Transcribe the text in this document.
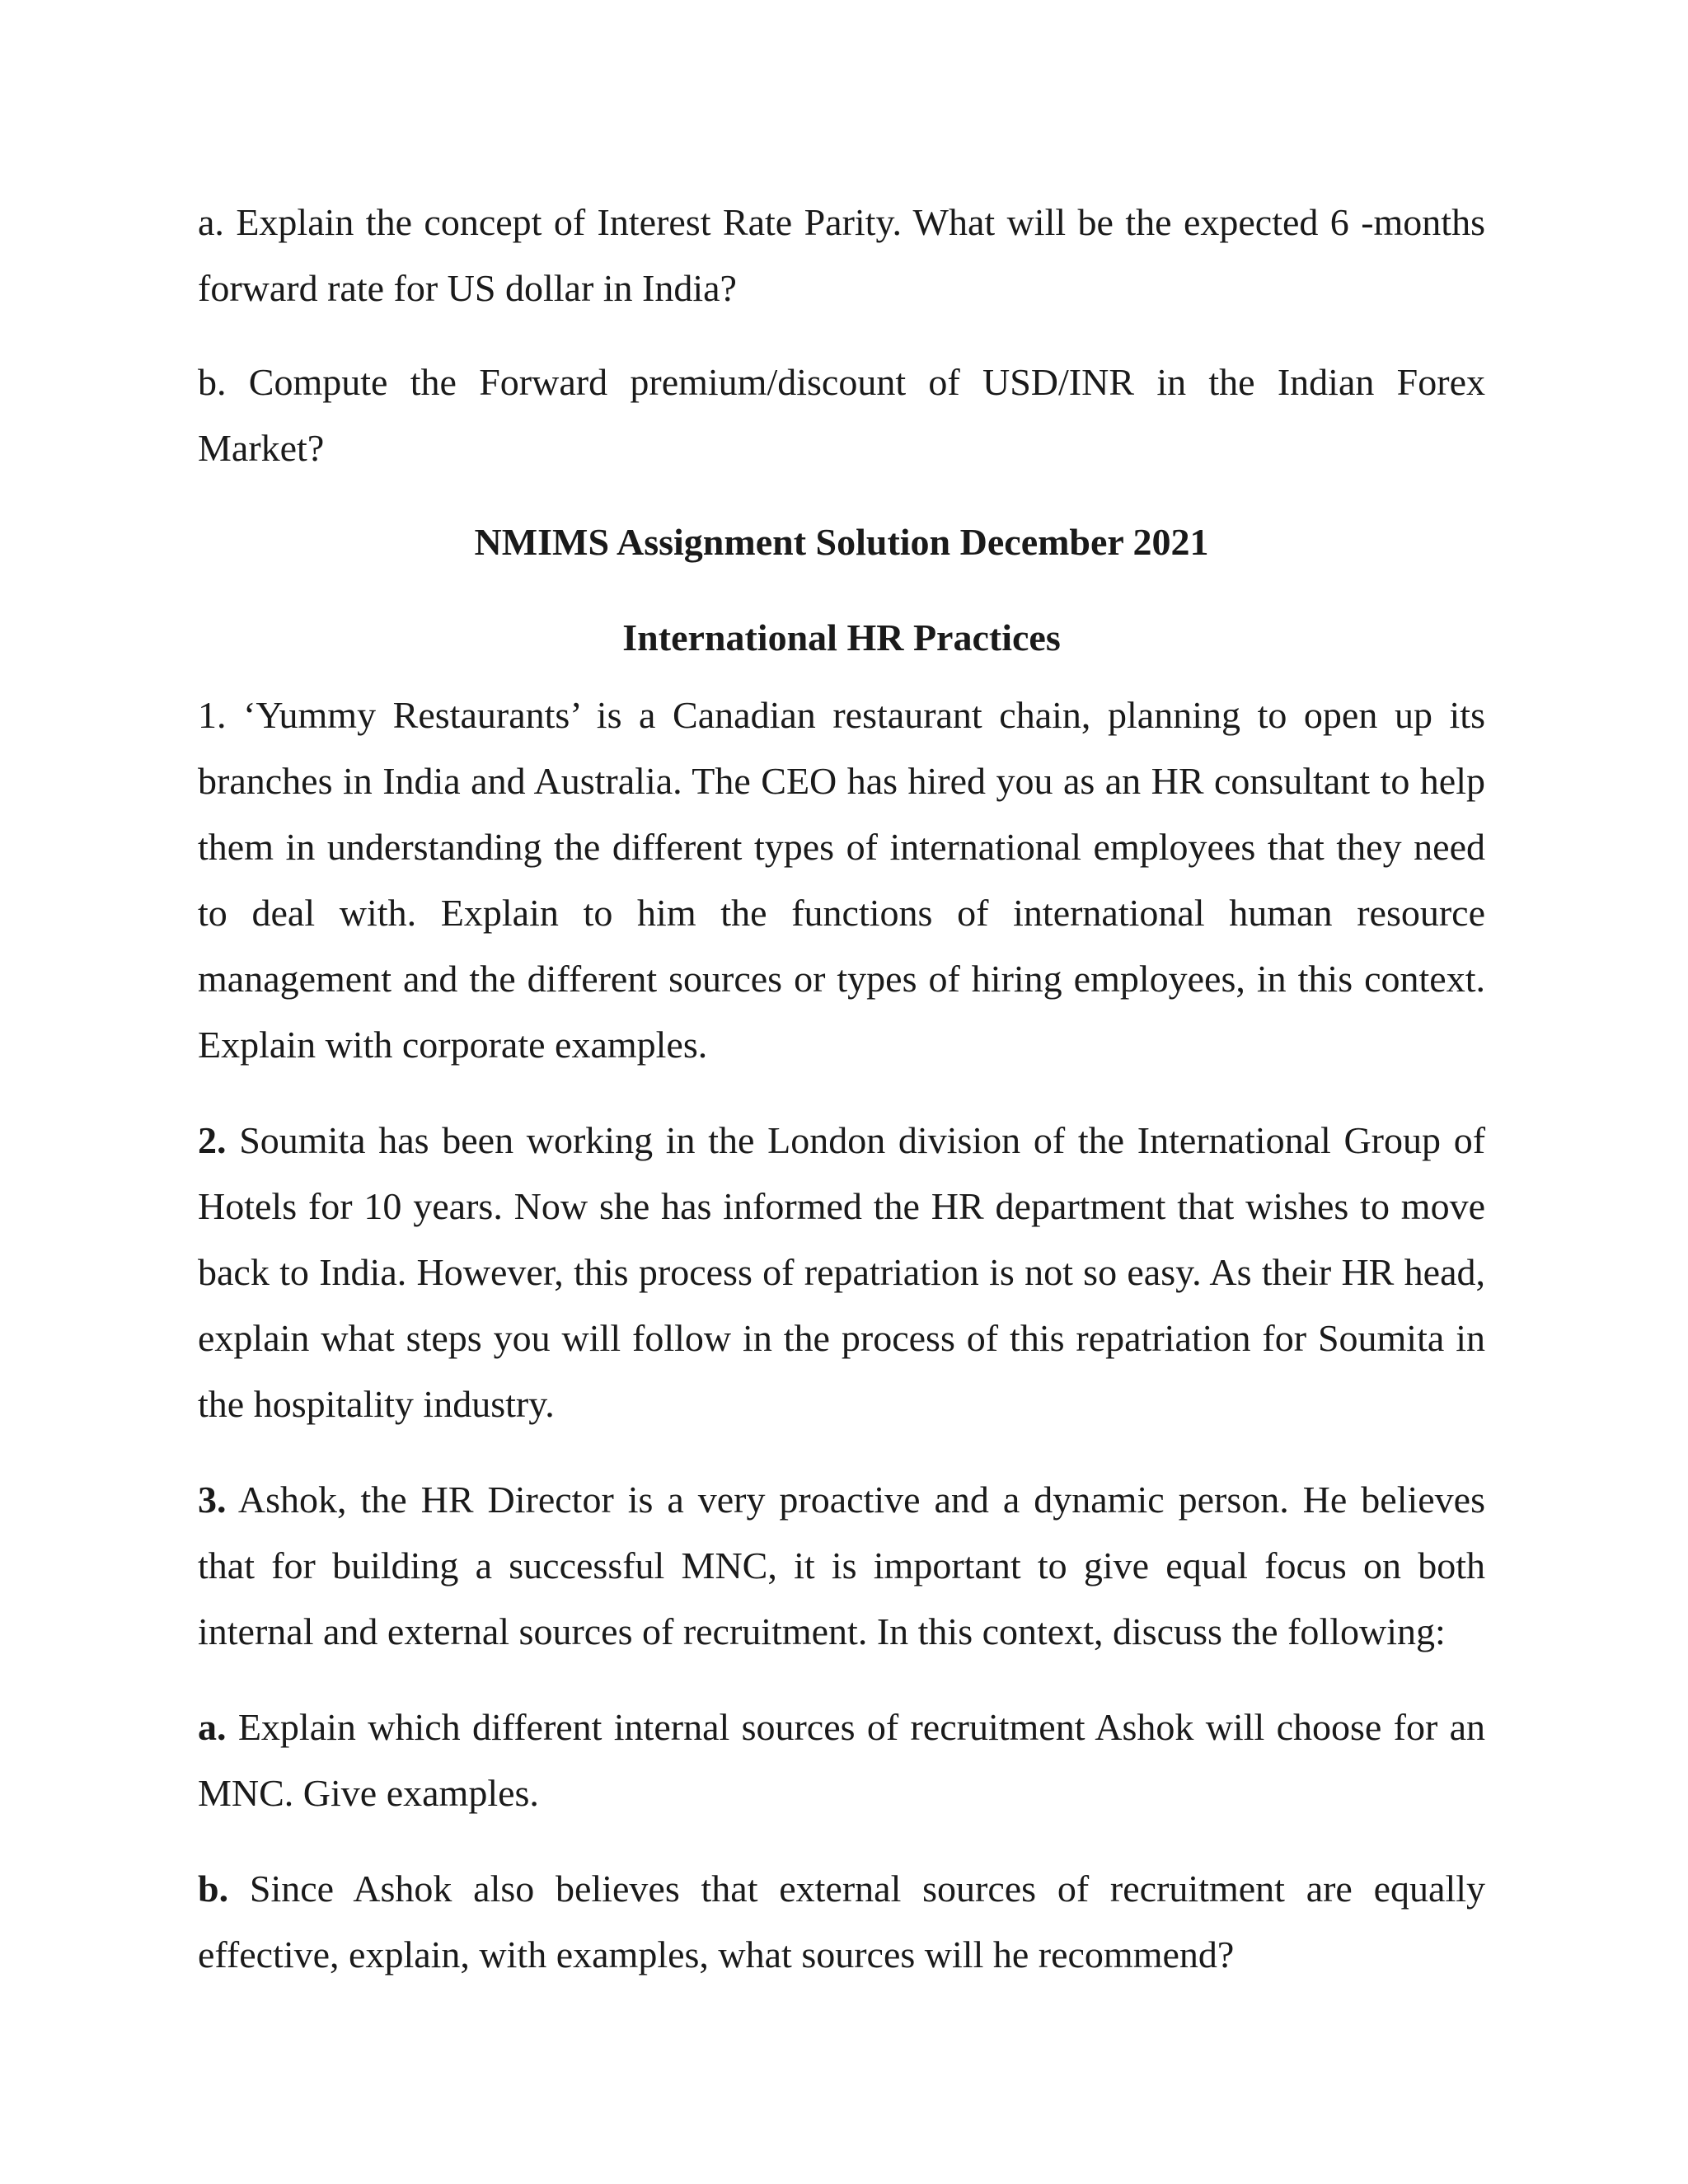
a. Explain the concept of Interest Rate Parity. What will be the expected 6 -months forward rate for US dollar in India?

b. Compute the Forward premium/discount of USD/INR in the Indian Forex Market?

NMIMS Assignment Solution December 2021
International HR Practices

1. ‘Yummy Restaurants’ is a Canadian restaurant chain, planning to open up its branches in India and Australia. The CEO has hired you as an HR consultant to help them in understanding the different types of international employees that they need to deal with. Explain to him the functions of international human resource management and the different sources or types of hiring employees, in this context. Explain with corporate examples.

2. Soumita has been working in the London division of the International Group of Hotels for 10 years. Now she has informed the HR department that wishes to move back to India. However, this process of repatriation is not so easy. As their HR head, explain what steps you will follow in the process of this repatriation for Soumita in the hospitality industry.

3. Ashok, the HR Director is a very proactive and a dynamic person. He believes that for building a successful MNC, it is important to give equal focus on both internal and external sources of recruitment. In this context, discuss the following:

a. Explain which different internal sources of recruitment Ashok will choose for an MNC. Give examples.

b. Since Ashok also believes that external sources of recruitment are equally effective, explain, with examples, what sources will he recommend?
